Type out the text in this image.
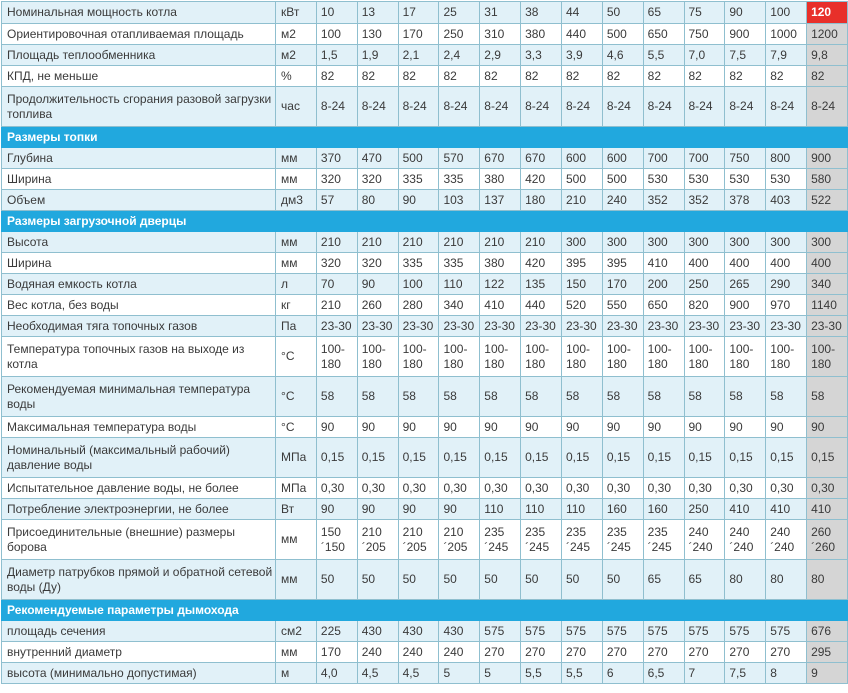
Номинальная мощность котла	кВт	10	13	17	25	31	38	44	50	65	75	90	100	120
Ориентировочная отапливаемая площадь	м2	100	130	170	250	310	380	440	500	650	750	900	1000	1200
Площадь теплообменника	м2	1,5	1,9	2,1	2,4	2,9	3,3	3,9	4,6	5,5	7,0	7,5	7,9	9,8
КПД, не меньше	%	82	82	82	82	82	82	82	82	82	82	82	82	82
Продолжительность сгорания разовой загрузки топлива	час	8-24	8-24	8-24	8-24	8-24	8-24	8-24	8-24	8-24	8-24	8-24	8-24	8-24
Размеры топки														
Глубина	мм	370	470	500	570	670	670	600	600	700	700	750	800	900
Ширина	мм	320	320	335	335	380	420	500	500	530	530	530	530	580
Объем	дм3	57	80	90	103	137	180	210	240	352	352	378	403	522
Размеры загрузочной дверцы														
Высота	мм	210	210	210	210	210	210	300	300	300	300	300	300	300
Ширина	мм	320	320	335	335	380	420	395	395	410	400	400	400	400
Водяная емкость котла	л	70	90	100	110	122	135	150	170	200	250	265	290	340
Вес котла, без воды	кг	210	260	280	340	410	440	520	550	650	820	900	970	1140
Необходимая тяга топочных газов	Па	23-30	23-30	23-30	23-30	23-30	23-30	23-30	23-30	23-30	23-30	23-30	23-30	23-30
Температура топочных газов на выходе из котла	°С	100-180	100-180	100-180	100-180	100-180	100-180	100-180	100-180	100-180	100-180	100-180	100-180	100-180
Рекомендуемая минимальная температура воды	°С	58	58	58	58	58	58	58	58	58	58	58	58	58
Максимальная температура воды	°С	90	90	90	90	90	90	90	90	90	90	90	90	90
Номинальный (максимальный рабочий) давление воды	МПа	0,15	0,15	0,15	0,15	0,15	0,15	0,15	0,15	0,15	0,15	0,15	0,15	0,15
Испытательное давление воды, не более	МПа	0,30	0,30	0,30	0,30	0,30	0,30	0,30	0,30	0,30	0,30	0,30	0,30	0,30
Потребление электроэнергии, не более	Вт	90	90	90	90	110	110	110	160	160	250	410	410	410
Присоединительные (внешние) размеры борова	мм	150 ´150	210 ´205	210 ´205	210 ´205	235 ´245	235 ´245	235 ´245	235 ´245	235 ´245	240 ´240	240 ´240	240 ´240	260 ´260
Диаметр патрубков прямой и обратной сетевой воды (Ду)	мм	50	50	50	50	50	50	50	50	65	65	80	80	80
Рекомендуемые параметры дымохода														
площадь сечения	см2	225	430	430	430	575	575	575	575	575	575	575	575	676
внутренний диаметр	мм	170	240	240	240	270	270	270	270	270	270	270	270	295
высота (минимально допустимая)	м	4,0	4,5	4,5	5	5	5,5	5,5	6	6,5	7	7,5	8	9
